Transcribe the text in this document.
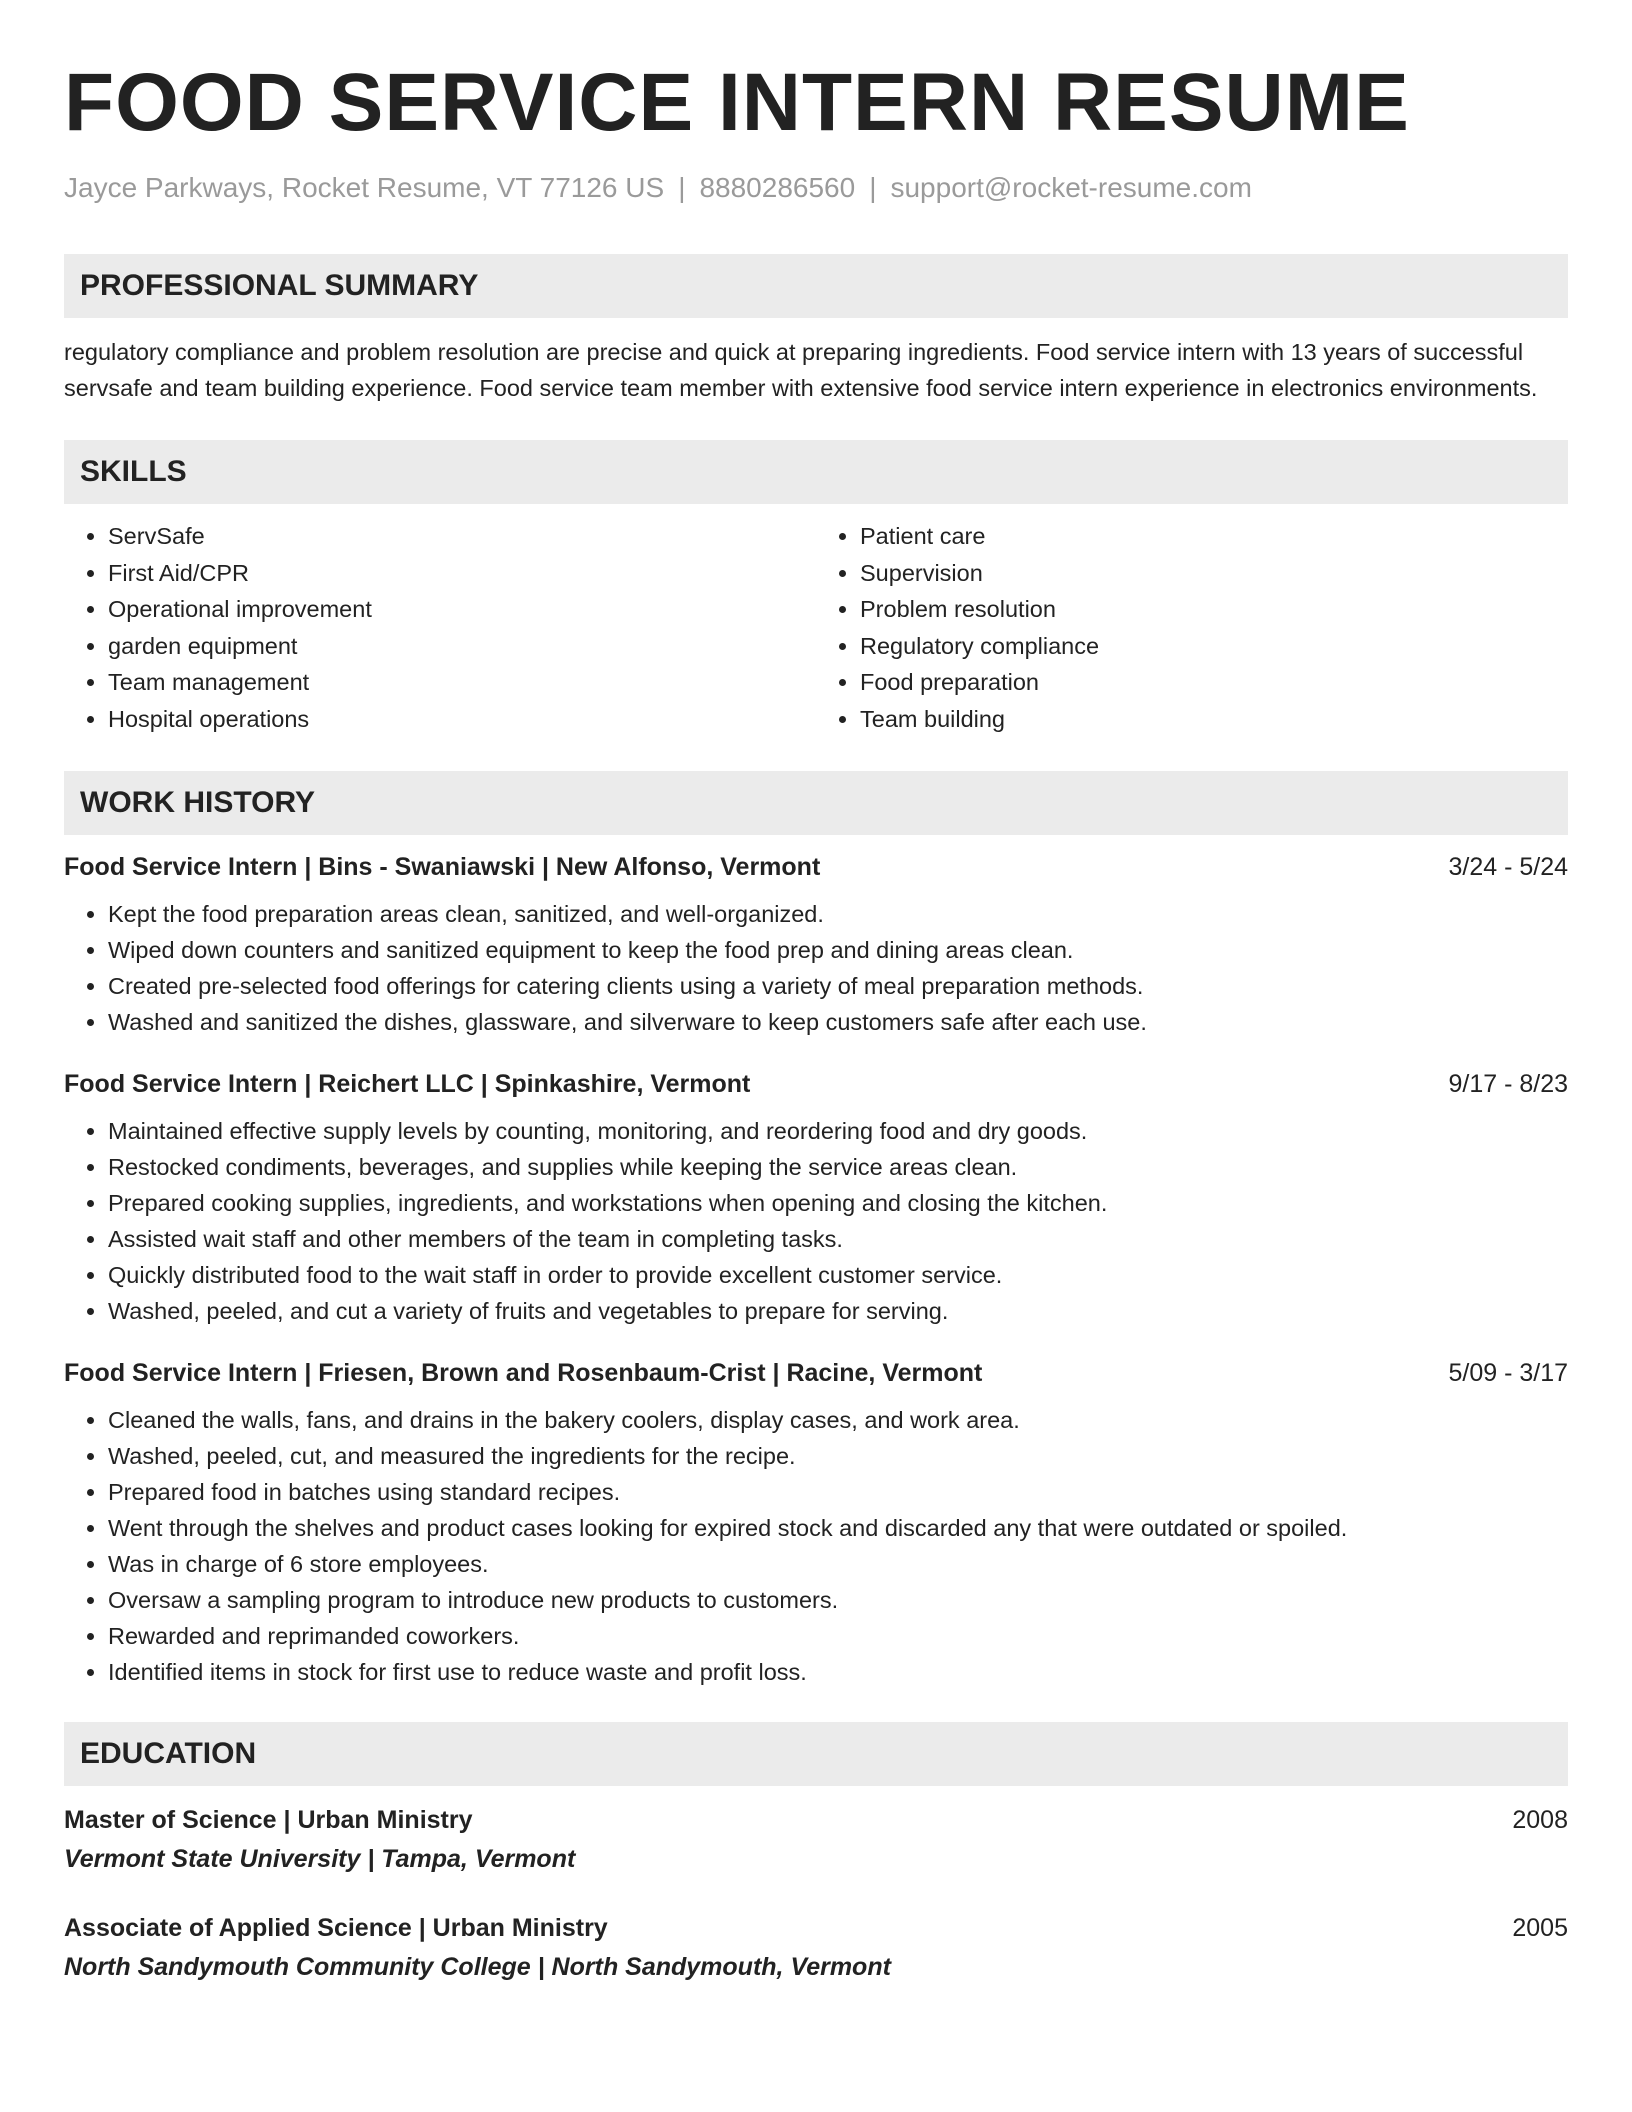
FOOD SERVICE INTERN RESUME
Jayce Parkways, Rocket Resume, VT 77126 US | 8880286560 | support@rocket-resume.com
PROFESSIONAL SUMMARY

regulatory compliance and problem resolution are precise and quick at preparing ingredients. Food service intern with 13 years of successful servsafe and team building experience. Food service team member with extensive food service intern experience in electronics environments.

SKILLS
• ServSafe
• First Aid/CPR
• Operational improvement
• garden equipment
• Team management
• Hospital operations
• Patient care
• Supervision
• Problem resolution
• Regulatory compliance
• Food preparation
• Team building
WORK HISTORY
Food Service Intern | Bins - Swaniawski | New Alfonso, Vermont	3/24 - 5/24
• Kept the food preparation areas clean, sanitized, and well-organized.
• Wiped down counters and sanitized equipment to keep the food prep and dining areas clean.
• Created pre-selected food offerings for catering clients using a variety of meal preparation methods.
• Washed and sanitized the dishes, glassware, and silverware to keep customers safe after each use.
Food Service Intern | Reichert LLC | Spinkashire, Vermont	9/17 - 8/23
• Maintained effective supply levels by counting, monitoring, and reordering food and dry goods.
• Restocked condiments, beverages, and supplies while keeping the service areas clean.
• Prepared cooking supplies, ingredients, and workstations when opening and closing the kitchen.
• Assisted wait staff and other members of the team in completing tasks.
• Quickly distributed food to the wait staff in order to provide excellent customer service.
• Washed, peeled, and cut a variety of fruits and vegetables to prepare for serving.
Food Service Intern | Friesen, Brown and Rosenbaum-Crist | Racine, Vermont	5/09 - 3/17
• Cleaned the walls, fans, and drains in the bakery coolers, display cases, and work area.
• Washed, peeled, cut, and measured the ingredients for the recipe.
• Prepared food in batches using standard recipes.
• Went through the shelves and product cases looking for expired stock and discarded any that were outdated or spoiled.
• Was in charge of 6 store employees.
• Oversaw a sampling program to introduce new products to customers.
• Rewarded and reprimanded coworkers.
• Identified items in stock for first use to reduce waste and profit loss.
EDUCATION
Master of Science | Urban Ministry	2008
Vermont State University | Tampa, Vermont
Associate of Applied Science | Urban Ministry	2005
North Sandymouth Community College | North Sandymouth, Vermont
